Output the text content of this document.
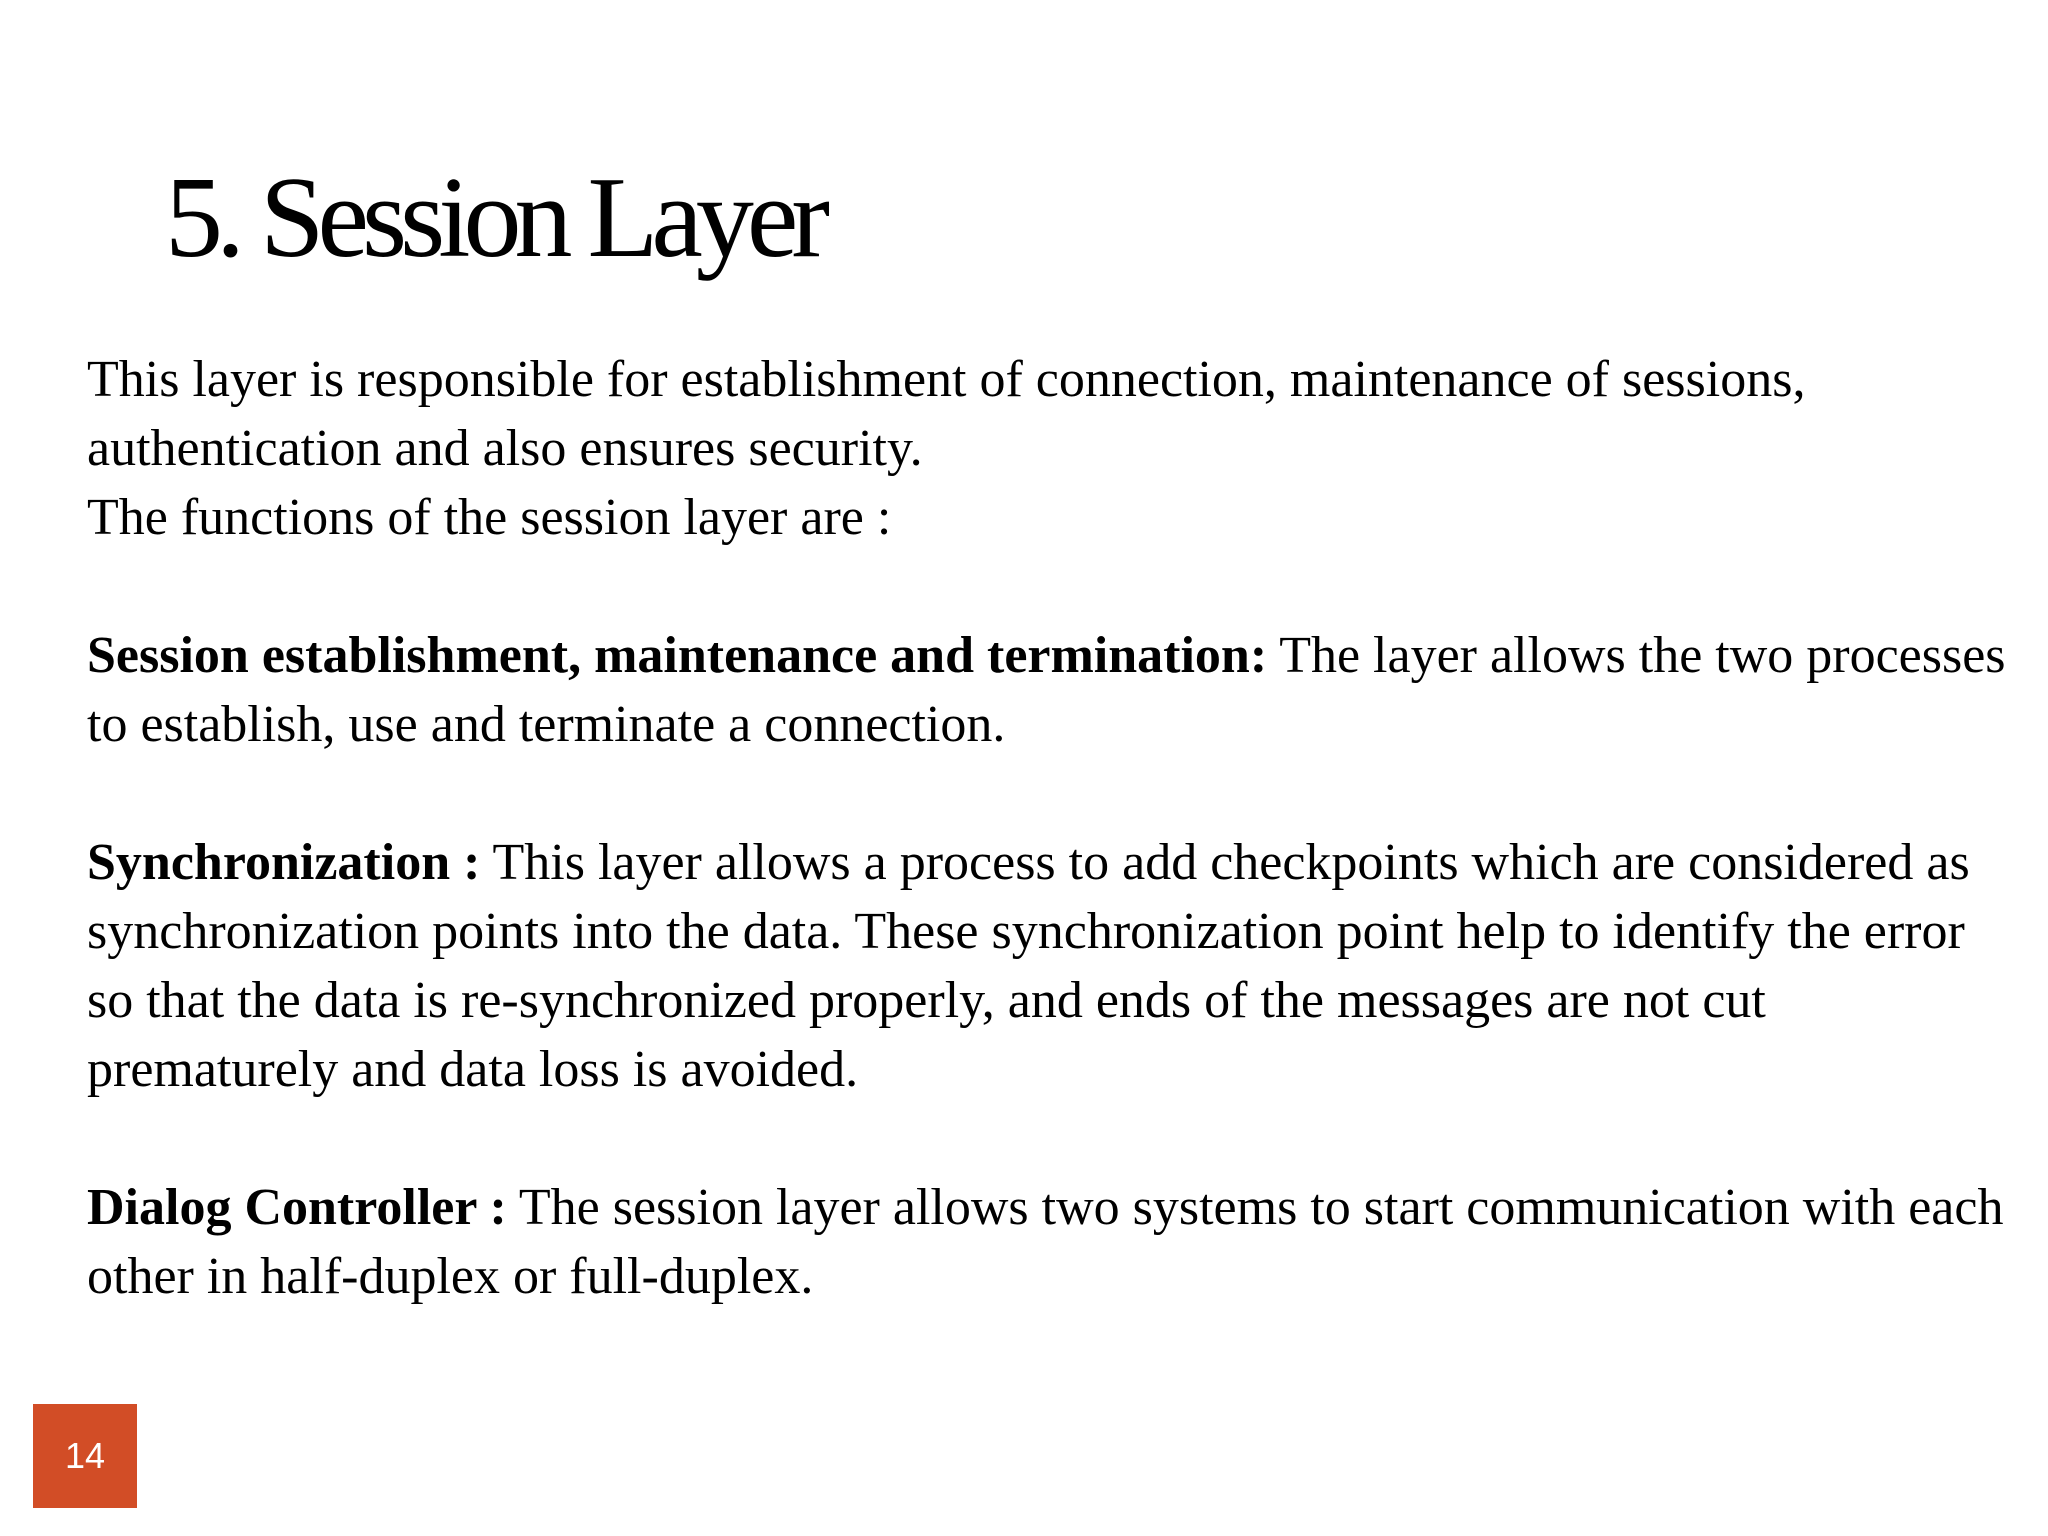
5. Session Layer

This layer is responsible for establishment of connection, maintenance of sessions, authentication and also ensures security.

The functions of the session layer are :

Session establishment, maintenance and termination: The layer allows the two processes to establish, use and terminate a connection.

Synchronization : This layer allows a process to add checkpoints which are considered as synchronization points into the data. These synchronization point help to identify the error so that the data is re-synchronized properly, and ends of the messages are not cut prematurely and data loss is avoided.

Dialog Controller : The session layer allows two systems to start communication with each other in half-duplex or full-duplex.

14
